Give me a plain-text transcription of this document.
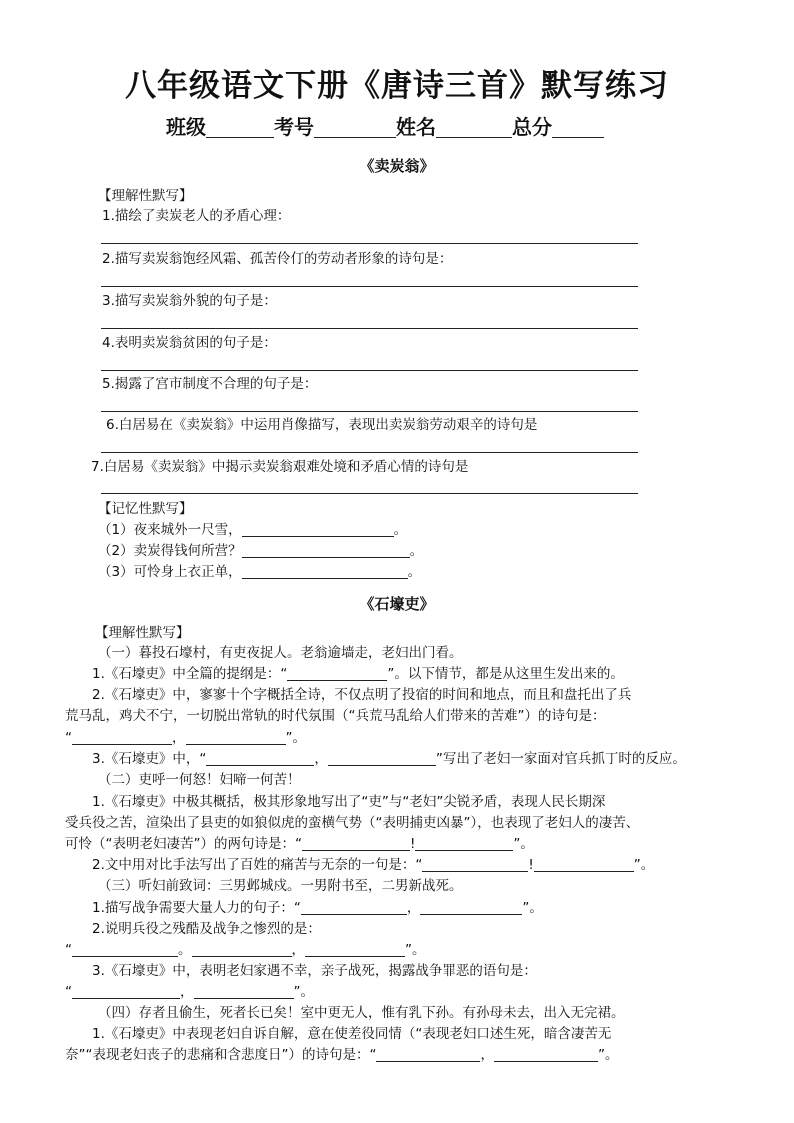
八年级语文下册《唐诗三首》默写练习
班级	考号	姓名	总分
《卖炭翁》
【理解性默写】
1.描绘了卖炭老人的矛盾心理：
2.描写卖炭翁饱经风霜、孤苦伶仃的劳动者形象的诗句是：
3.描写卖炭翁外貌的句子是：
4.表明卖炭翁贫困的句子是：
5.揭露了宫市制度不合理的句子是：
6.白居易在《卖炭翁》中运用肖像描写，表现出卖炭翁劳动艰辛的诗句是
7.白居易《卖炭翁》中揭示卖炭翁艰难处境和矛盾心情的诗句是
【记忆性默写】
（1）夜来城外一尺雪，	。
（2）卖炭得钱何所营？	。
（3）可怜身上衣正单，	。
《石壕吏》
【理解性默写】
（一）暮投石壕村，有吏夜捉人。老翁逾墙走，老妇出门看。
1.《石壕吏》中全篇的提纲是：“	”。以下情节，都是从这里生发出来的。
2.《石壕吏》中，寥寥十个字概括全诗，不仅点明了投宿的时间和地点，而且和盘托出了兵
荒马乱，鸡犬不宁，一切脱出常轨的时代氛围（“兵荒马乱给人们带来的苦难”）的诗句是：
“	，	”。
3.《石壕吏》中，“	，	”写出了老妇一家面对官兵抓丁时的反应。
（二）吏呼一何怒！妇啼一何苦！
1.《石壕吏》中极其概括，极其形象地写出了“吏”与“老妇”尖锐矛盾，表现人民长期深
受兵役之苦，渲染出了县吏的如狼似虎的蛮横气势（“表明捕吏凶暴”），也表现了老妇人的凄苦、
可怜（“表明老妇凄苦”）的两句诗是：“	!	”。
2.文中用对比手法写出了百姓的痛苦与无奈的一句是：“	!	”。
（三）听妇前致词：三男邺城戍。一男附书至，二男新战死。
1.描写战争需要大量人力的句子：“	，	”。
2.说明兵役之残酷及战争之惨烈的是：
“	。	，	”。
3.《石壕吏》中，表明老妇家遇不幸，亲子战死，揭露战争罪恶的语句是：
“	，	”。
（四）存者且偷生，死者长已矣！室中更无人，惟有乳下孙。有孙母未去，出入无完裙。
1.《石壕吏》中表现老妇自诉自解，意在使差役同情（“表现老妇口述生死，暗含凄苦无
奈”“表现老妇丧子的悲痛和含悲度日”）的诗句是：“	，	”。
